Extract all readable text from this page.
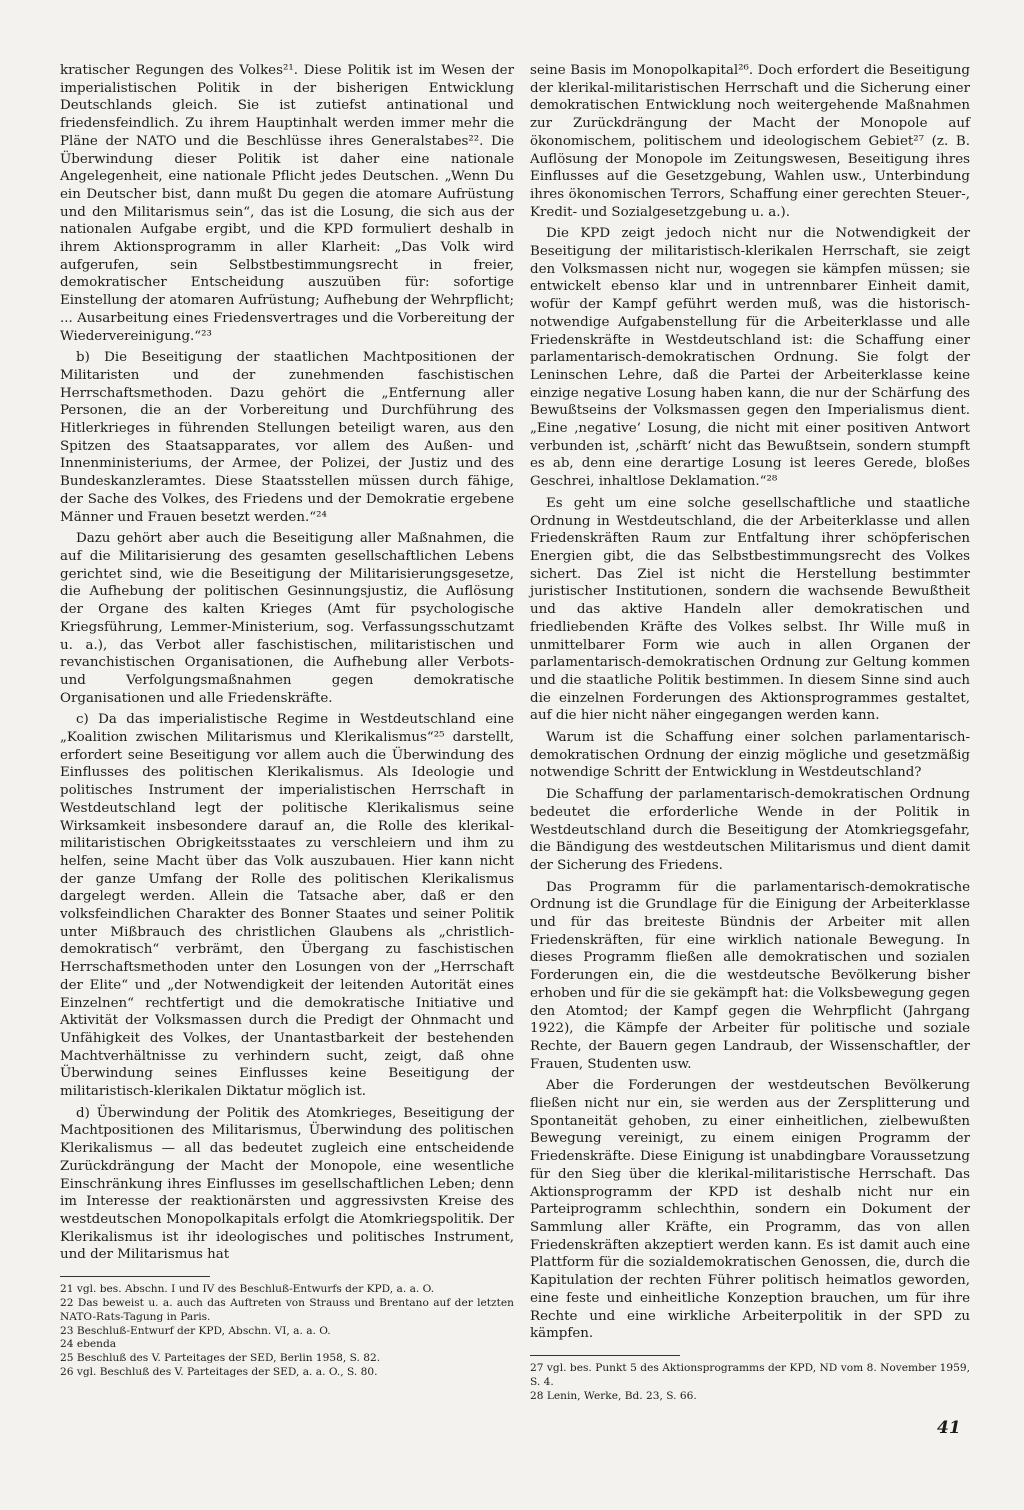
kratischer Regungen des Volkes²¹. Diese Politik ist im Wesen der imperialistischen Politik in der bisherigen Entwicklung Deutschlands gleich. Sie ist zutiefst antinational und friedensfeindlich. Zu ihrem Hauptinhalt werden immer mehr die Pläne der NATO und die Beschlüsse ihres Generalstabes²². Die Überwindung dieser Politik ist daher eine nationale Angelegenheit, eine nationale Pflicht jedes Deutschen. „Wenn Du ein Deutscher bist, dann mußt Du gegen die atomare Aufrüstung und den Militarismus sein“, das ist die Losung, die sich aus der nationalen Aufgabe ergibt, und die KPD formuliert deshalb in ihrem Aktionsprogramm in aller Klarheit: „Das Volk wird aufgerufen, sein Selbstbestimmungsrecht in freier, demokratischer Entscheidung auszuüben für: sofortige Einstellung der atomaren Aufrüstung; Aufhebung der Wehrpflicht; ... Ausarbeitung eines Friedensvertrages und die Vorbereitung der Wiedervereinigung.“²³

b) Die Beseitigung der staatlichen Machtpositionen der Militaristen und der zunehmenden faschistischen Herrschaftsmethoden. Dazu gehört die „Entfernung aller Personen, die an der Vorbereitung und Durchführung des Hitlerkrieges in führenden Stellungen beteiligt waren, aus den Spitzen des Staatsapparates, vor allem des Außen- und Innenministeriums, der Armee, der Polizei, der Justiz und des Bundeskanzleramtes. Diese Staatsstellen müssen durch fähige, der Sache des Volkes, des Friedens und der Demokratie ergebene Männer und Frauen besetzt werden.“²⁴

Dazu gehört aber auch die Beseitigung aller Maßnahmen, die auf die Militarisierung des gesamten gesellschaftlichen Lebens gerichtet sind, wie die Beseitigung der Militarisierungsgesetze, die Aufhebung der politischen Gesinnungsjustiz, die Auflösung der Organe des kalten Krieges (Amt für psychologische Kriegsführung, Lemmer-Ministerium, sog. Verfassungsschutzamt u. a.), das Verbot aller faschistischen, militaristischen und revanchistischen Organisationen, die Aufhebung aller Verbots- und Verfolgungsmaßnahmen gegen demokratische Organisationen und alle Friedenskräfte.

c) Da das imperialistische Regime in Westdeutschland eine „Koalition zwischen Militarismus und Klerikalismus“²⁵ darstellt, erfordert seine Beseitigung vor allem auch die Überwindung des Einflusses des politischen Klerikalismus. Als Ideologie und politisches Instrument der imperialistischen Herrschaft in Westdeutschland legt der politische Klerikalismus seine Wirksamkeit insbesondere darauf an, die Rolle des klerikal-militaristischen Obrigkeitsstaates zu verschleiern und ihm zu helfen, seine Macht über das Volk auszubauen. Hier kann nicht der ganze Umfang der Rolle des politischen Klerikalismus dargelegt werden. Allein die Tatsache aber, daß er den volksfeindlichen Charakter des Bonner Staates und seiner Politik unter Mißbrauch des christlichen Glaubens als „christlich-demokratisch“ verbrämt, den Übergang zu faschistischen Herrschaftsmethoden unter den Losungen von der „Herrschaft der Elite“ und „der Notwendigkeit der leitenden Autorität eines Einzelnen“ rechtfertigt und die demokratische Initiative und Aktivität der Volksmassen durch die Predigt der Ohnmacht und Unfähigkeit des Volkes, der Unantastbarkeit der bestehenden Machtverhältnisse zu verhindern sucht, zeigt, daß ohne Überwindung seines Einflusses keine Beseitigung der militaristisch-klerikalen Diktatur möglich ist.

d) Überwindung der Politik des Atomkrieges, Beseitigung der Machtpositionen des Militarismus, Überwindung des politischen Klerikalismus — all das bedeutet zugleich eine entscheidende Zurückdrängung der Macht der Monopole, eine wesentliche Einschränkung ihres Einflusses im gesellschaftlichen Leben; denn im Interesse der reaktionärsten und aggressivsten Kreise des westdeutschen Monopolkapitals erfolgt die Atomkriegspolitik. Der Klerikalismus ist ihr ideologisches und politisches Instrument, und der Militarismus hat

21 vgl. bes. Abschn. I und IV des Beschluß-Entwurfs der KPD, a. a. O.

22 Das beweist u. a. auch das Auftreten von Strauss und Brentano auf der letzten NATO-Rats-Tagung in Paris.

23 Beschluß-Entwurf der KPD, Abschn. VI, a. a. O.

24 ebenda

25 Beschluß des V. Parteitages der SED, Berlin 1958, S. 82.

26 vgl. Beschluß des V. Parteitages der SED, a. a. O., S. 80.

seine Basis im Monopolkapital²⁶. Doch erfordert die Beseitigung der klerikal-militaristischen Herrschaft und die Sicherung einer demokratischen Entwicklung noch weitergehende Maßnahmen zur Zurückdrängung der Macht der Monopole auf ökonomischem, politischem und ideologischem Gebiet²⁷ (z. B. Auflösung der Monopole im Zeitungswesen, Beseitigung ihres Einflusses auf die Gesetzgebung, Wahlen usw., Unterbindung ihres ökonomischen Terrors, Schaffung einer gerechten Steuer-, Kredit- und Sozialgesetzgebung u. a.).

Die KPD zeigt jedoch nicht nur die Notwendigkeit der Beseitigung der militaristisch-klerikalen Herrschaft, sie zeigt den Volksmassen nicht nur, wogegen sie kämpfen müssen; sie entwickelt ebenso klar und in untrennbarer Einheit damit, wofür der Kampf geführt werden muß, was die historisch-notwendige Aufgabenstellung für die Arbeiterklasse und alle Friedenskräfte in Westdeutschland ist: die Schaffung einer parlamentarisch-demokratischen Ordnung. Sie folgt der Leninschen Lehre, daß die Partei der Arbeiterklasse keine einzige negative Losung haben kann, die nur der Schärfung des Bewußtseins der Volksmassen gegen den Imperialismus dient. „Eine ‚negative‘ Losung, die nicht mit einer positiven Antwort verbunden ist, ‚schärft‘ nicht das Bewußtsein, sondern stumpft es ab, denn eine derartige Losung ist leeres Gerede, bloßes Geschrei, inhaltlose Deklamation.“²⁸

Es geht um eine solche gesellschaftliche und staatliche Ordnung in Westdeutschland, die der Arbeiterklasse und allen Friedenskräften Raum zur Entfaltung ihrer schöpferischen Energien gibt, die das Selbstbestimmungsrecht des Volkes sichert. Das Ziel ist nicht die Herstellung bestimmter juristischer Institutionen, sondern die wachsende Bewußtheit und das aktive Handeln aller demokratischen und friedliebenden Kräfte des Volkes selbst. Ihr Wille muß in unmittelbarer Form wie auch in allen Organen der parlamentarisch-demokratischen Ordnung zur Geltung kommen und die staatliche Politik bestimmen. In diesem Sinne sind auch die einzelnen Forderungen des Aktionsprogrammes gestaltet, auf die hier nicht näher eingegangen werden kann.

Warum ist die Schaffung einer solchen parlamentarisch-demokratischen Ordnung der einzig mögliche und gesetzmäßig notwendige Schritt der Entwicklung in Westdeutschland?

Die Schaffung der parlamentarisch-demokratischen Ordnung bedeutet die erforderliche Wende in der Politik in Westdeutschland durch die Beseitigung der Atomkriegsgefahr, die Bändigung des westdeutschen Militarismus und dient damit der Sicherung des Friedens.

Das Programm für die parlamentarisch-demokratische Ordnung ist die Grundlage für die Einigung der Arbeiterklasse und für das breiteste Bündnis der Arbeiter mit allen Friedenskräften, für eine wirklich nationale Bewegung. In dieses Programm fließen alle demokratischen und sozialen Forderungen ein, die die westdeutsche Bevölkerung bisher erhoben und für die sie gekämpft hat: die Volksbewegung gegen den Atomtod; der Kampf gegen die Wehrpflicht (Jahrgang 1922), die Kämpfe der Arbeiter für politische und soziale Rechte, der Bauern gegen Landraub, der Wissenschaftler, der Frauen, Studenten usw.

Aber die Forderungen der westdeutschen Bevölkerung fließen nicht nur ein, sie werden aus der Zersplitterung und Spontaneität gehoben, zu einer einheitlichen, zielbewußten Bewegung vereinigt, zu einem einigen Programm der Friedenskräfte. Diese Einigung ist unabdingbare Voraussetzung für den Sieg über die klerikal-militaristische Herrschaft. Das Aktionsprogramm der KPD ist deshalb nicht nur ein Parteiprogramm schlechthin, sondern ein Dokument der Sammlung aller Kräfte, ein Programm, das von allen Friedenskräften akzeptiert werden kann. Es ist damit auch eine Plattform für die sozialdemokratischen Genossen, die, durch die Kapitulation der rechten Führer politisch heimatlos geworden, eine feste und einheitliche Konzeption brauchen, um für ihre Rechte und eine wirkliche Arbeiterpolitik in der SPD zu kämpfen.

27 vgl. bes. Punkt 5 des Aktionsprogramms der KPD, ND vom 8. November 1959, S. 4.

28 Lenin, Werke, Bd. 23, S. 66.

41
